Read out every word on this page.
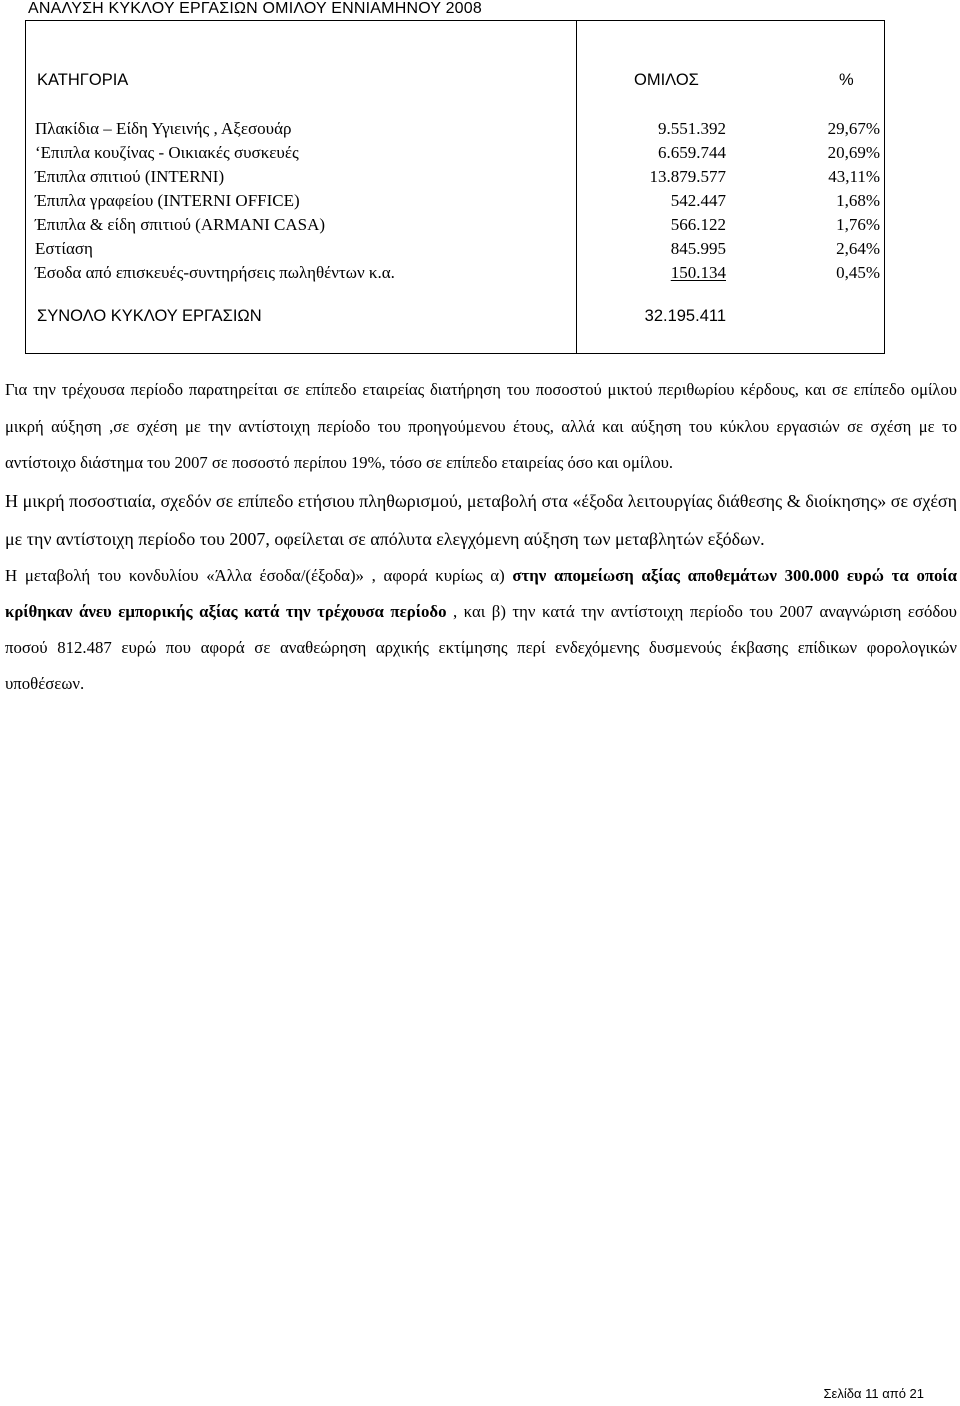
ΑΝΑΛΥΣΗ ΚΥΚΛΟΥ ΕΡΓΑΣΙΩΝ ΟΜΙΛΟΥ ΕΝΝΙΑΜΗΝΟΥ 2008
ΚΑΤΗΓΟΡΙΑ	ΟΜΙΛΟΣ	%
Πλακίδια – Είδη Υγιεινής , Αξεσουάρ	9.551.392	29,67%
‘Επιπλα κουζίνας - Οικιακές συσκευές	6.659.744	20,69%
Έπιπλα σπιτιού (INTERNI)	13.879.577	43,11%
Έπιπλα γραφείου (INTERNI OFFICE)	542.447	1,68%
Έπιπλα & είδη σπιτιού (ARMANI CASA)	566.122	1,76%
Εστίαση	845.995	2,64%
Έσοδα από επισκευές-συντηρήσεις πωληθέντων κ.α.	150.134	0,45%
ΣΥΝΟΛΟ ΚΥΚΛΟΥ ΕΡΓΑΣΙΩΝ	32.195.411

Για την τρέχουσα περίοδο παρατηρείται σε επίπεδο εταιρείας διατήρηση του ποσοστού μικτού περιθωρίου κέρδους, και σε επίπεδο ομίλου μικρή αύξηση ,σε σχέση με την αντίστοιχη περίοδο του προηγούμενου έτους, αλλά και αύξηση του κύκλου εργασιών σε σχέση με το αντίστοιχο διάστημα του 2007 σε ποσοστό περίπου 19%, τόσο σε επίπεδο εταιρείας όσο και ομίλου.

Η μικρή ποσοστιαία, σχεδόν σε επίπεδο ετήσιου πληθωρισμού, μεταβολή στα «έξοδα λειτουργίας διάθεσης & διοίκησης» σε σχέση με την αντίστοιχη περίοδο του 2007, οφείλεται σε απόλυτα ελεγχόμενη αύξηση των μεταβλητών εξόδων.

Η μεταβολή του κονδυλίου «Άλλα έσοδα/(έξοδα)» , αφορά κυρίως α) στην απομείωση αξίας αποθεμάτων 300.000 ευρώ τα οποία κρίθηκαν άνευ εμπορικής αξίας κατά την τρέχουσα περίοδο , και β) την κατά την αντίστοιχη περίοδο του 2007 αναγνώριση εσόδου ποσού 812.487 ευρώ που αφορά σε αναθεώρηση αρχικής εκτίμησης περί ενδεχόμενης δυσμενούς έκβασης επίδικων φορολογικών υποθέσεων.

Σελίδα 11 από 21
